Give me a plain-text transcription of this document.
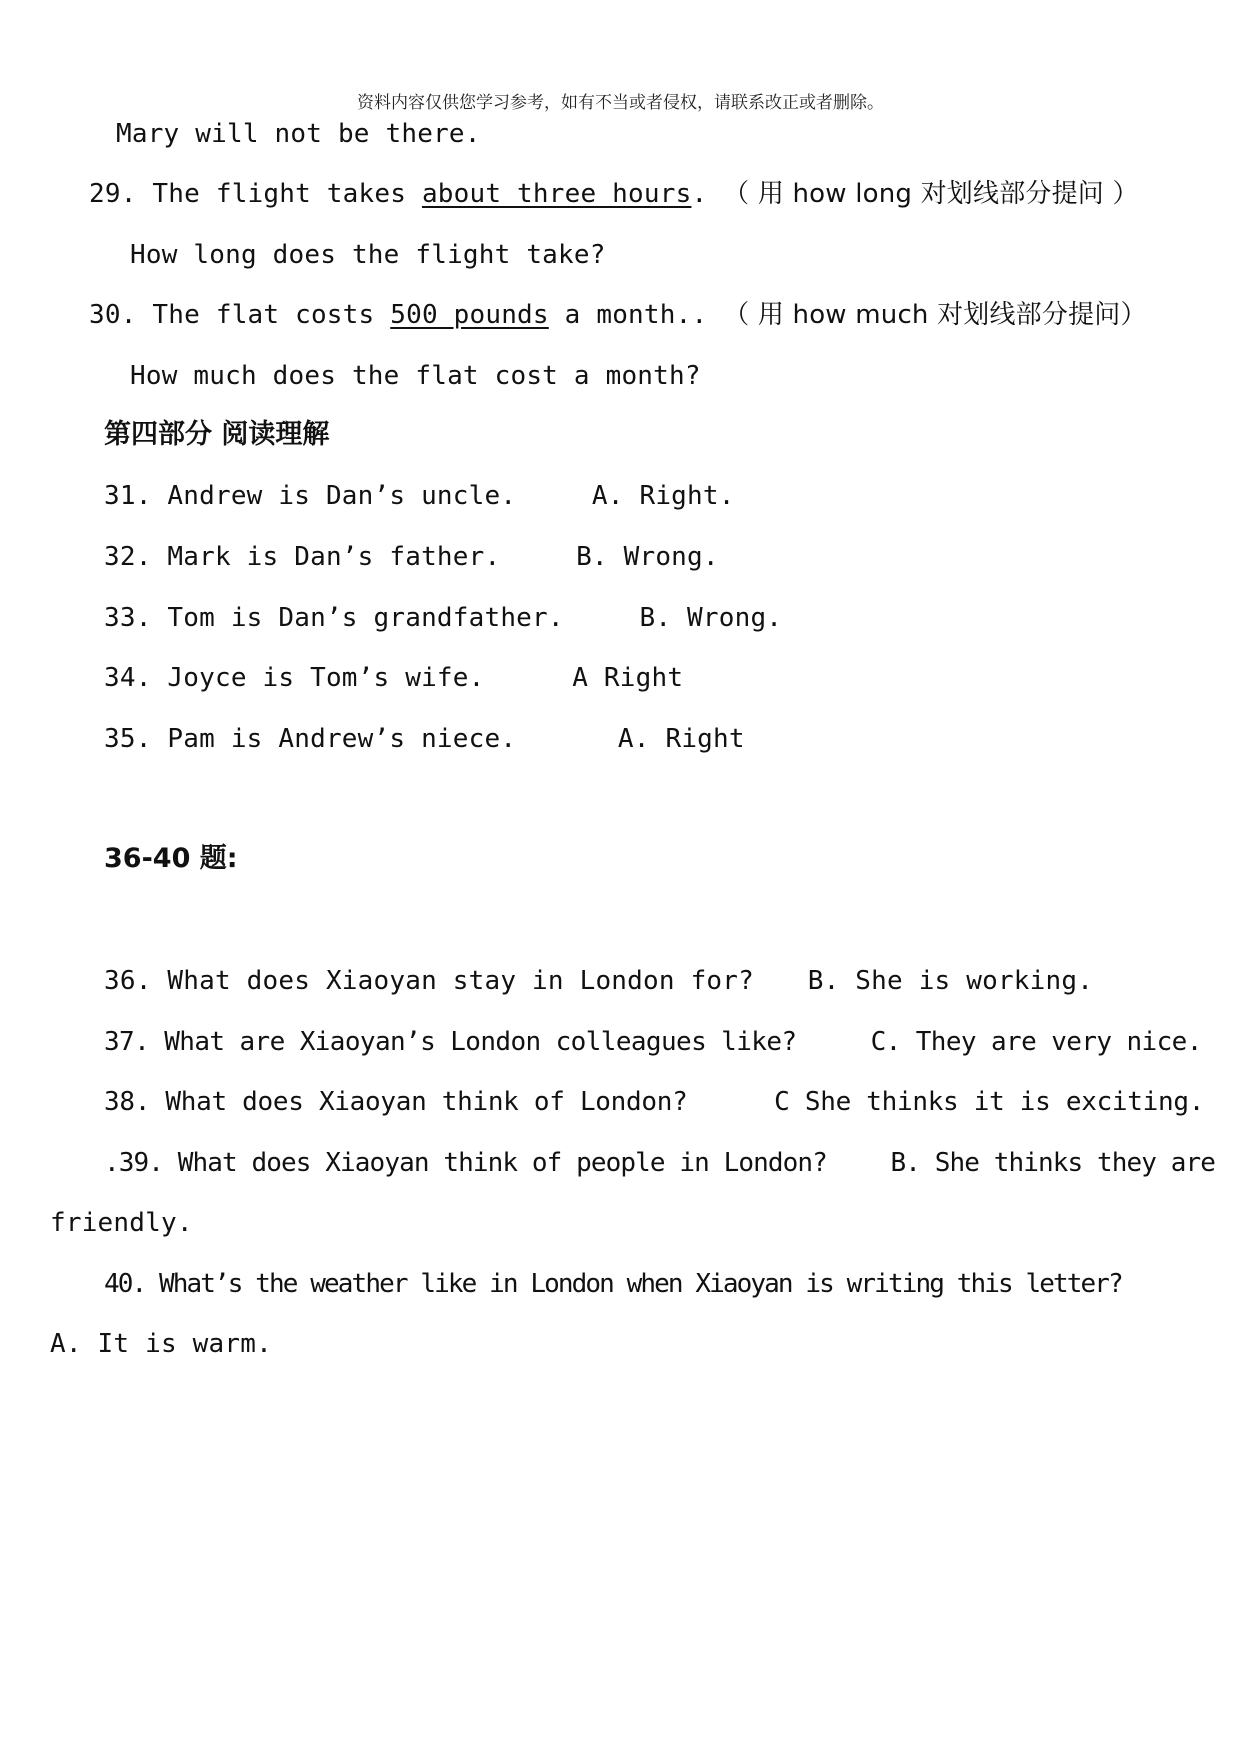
资料内容仅供您学习参考，如有不当或者侵权，请联系改正或者删除。
Mary will not be there.
29. The flight takes about three hours. （ 用 how long 对划线部分提问 ）
How long does the flight take?
30. The flat costs 500 pounds a month.. （ 用 how much 对划线部分提问）
How much does the flat cost a month?
第四部分 阅读理解
31. Andrew is Dan’s uncle.	A. Right.
32. Mark is Dan’s father.	B. Wrong.
33. Tom is Dan’s grandfather.	B. Wrong.
34. Joyce is Tom’s wife.	A Right
35. Pam is Andrew’s niece.	A. Right
36-40 题:
36. What does Xiaoyan stay in London for? B. She is working.
37. What are Xiaoyan’s London colleagues like?	C. They are very nice.
38. What does Xiaoyan think of London?	C She thinks it is exciting.
.39. What does Xiaoyan think of people in London? B. She thinks they are
friendly.
40. What’s the weather like in London when Xiaoyan is writing this letter?
A. It is warm.
